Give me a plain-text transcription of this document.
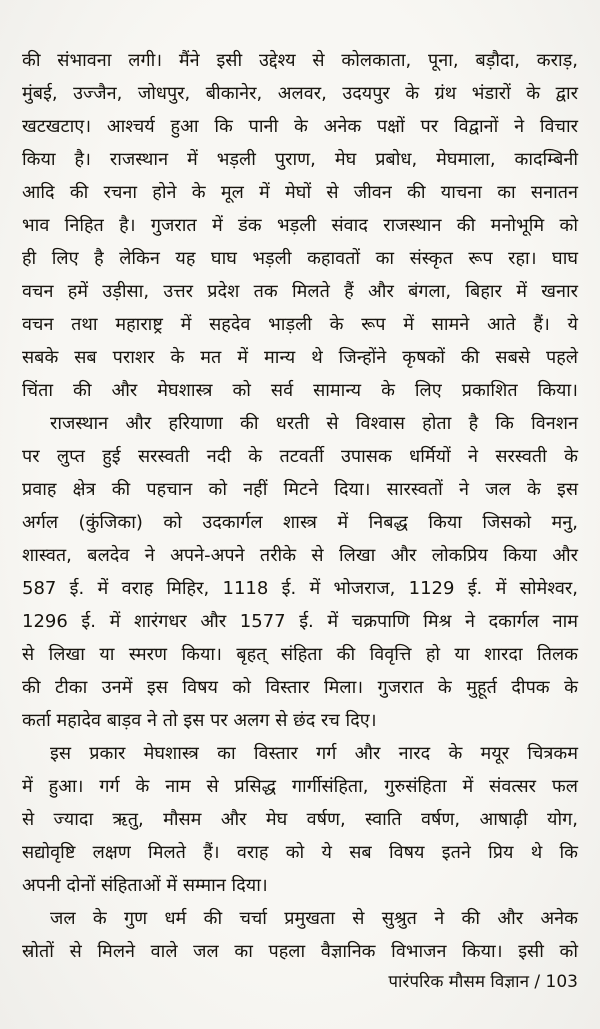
की संभावना लगी। मैंने इसी उद्देश्य से कोलकाता, पूना, बड़ौदा, कराड़,
मुंबई, उज्जैन, जोधपुर, बीकानेर, अलवर, उदयपुर के ग्रंथ भंडारों के द्वार
खटखटाए। आश्चर्य हुआ कि पानी के अनेक पक्षों पर विद्वानों ने विचार
किया है। राजस्थान में भड़ली पुराण, मेघ प्रबोध, मेघमाला, कादम्बिनी
आदि की रचना होने के मूल में मेघों से जीवन की याचना का सनातन
भाव निहित है। गुजरात में डंक भड़ली संवाद राजस्थान की मनोभूमि को
ही लिए है लेकिन यह घाघ भड़ली कहावतों का संस्कृत रूप रहा। घाघ
वचन हमें उड़ीसा, उत्तर प्रदेश तक मिलते हैं और बंगला, बिहार में खनार
वचन तथा महाराष्ट्र में सहदेव भाड़ली के रूप में सामने आते हैं। ये
सबके सब पराशर के मत में मान्य थे जिन्होंने कृषकों की सबसे पहले
चिंता की और मेघशास्त्र को सर्व सामान्य के लिए प्रकाशित किया।
राजस्थान और हरियाणा की धरती से विश्वास होता है कि विनशन
पर लुप्त हुई सरस्वती नदी के तटवर्ती उपासक धर्मियों ने सरस्वती के
प्रवाह क्षेत्र की पहचान को नहीं मिटने दिया। सारस्वतों ने जल के इस
अर्गल (कुंजिका) को उदकार्गल शास्त्र में निबद्ध किया जिसको मनु,
शास्वत, बलदेव ने अपने-अपने तरीके से लिखा और लोकप्रिय किया और
587 ई. में वराह मिहिर, 1118 ई. में भोजराज, 1129 ई. में सोमेश्वर,
1296 ई. में शारंगधर और 1577 ई. में चक्रपाणि मिश्र ने दकार्गल नाम
से लिखा या स्मरण किया। बृहत् संहिता की विवृत्ति हो या शारदा तिलक
की टीका उनमें इस विषय को विस्तार मिला। गुजरात के मुहूर्त दीपक के
कर्ता महादेव बाड़व ने तो इस पर अलग से छंद रच दिए।
इस प्रकार मेघशास्त्र का विस्तार गर्ग और नारद के मयूर चित्रकम
में हुआ। गर्ग के नाम से प्रसिद्ध गार्गीसंहिता, गुरुसंहिता में संवत्सर फल
से ज्यादा ऋतु, मौसम और मेघ वर्षण, स्वाति वर्षण, आषाढ़ी योग,
सद्योवृष्टि लक्षण मिलते हैं। वराह को ये सब विषय इतने प्रिय थे कि
अपनी दोनों संहिताओं में सम्मान दिया।
जल के गुण धर्म की चर्चा प्रमुखता से सुश्रुत ने की और अनेक
स्रोतों से मिलने वाले जल का पहला वैज्ञानिक विभाजन किया। इसी को
पारंपरिक मौसम विज्ञान / 103
